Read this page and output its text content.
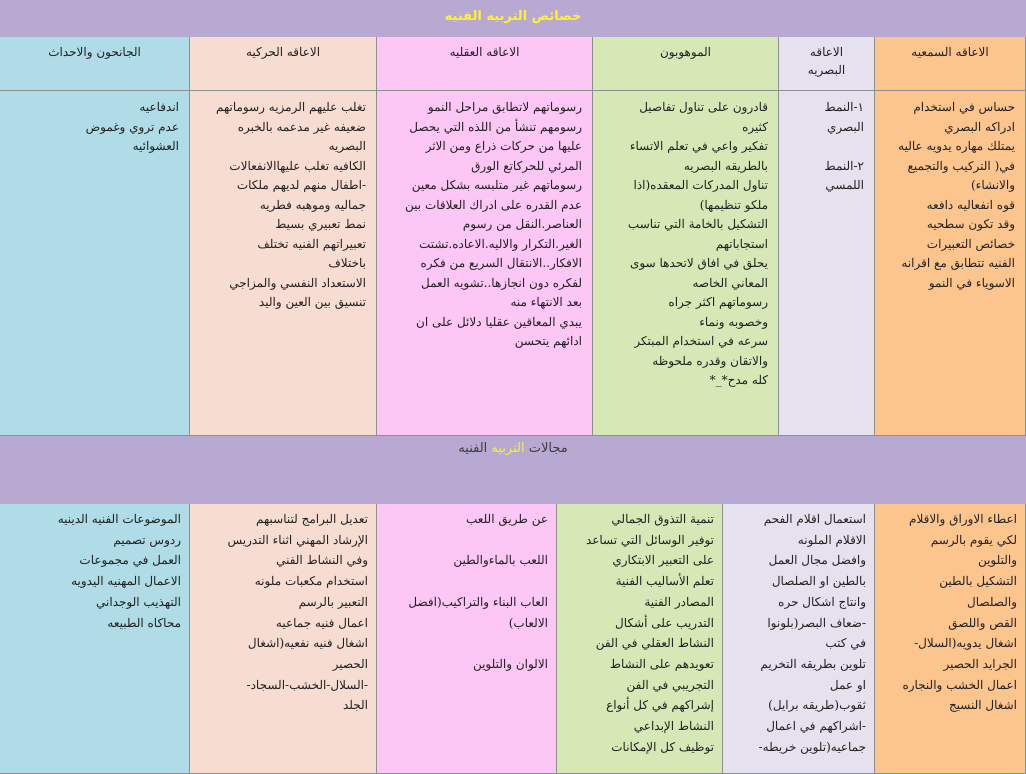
خصائص التربيه الفنيه
مجالات التربيه الفنيه
الاعاقه السمعيه
الاعاقه
البصريه
الموهوبون
الاعاقه العقليه
الاعاقه الحركيه
الجانحون والاحداث
حساس في استخدام
ادراكه البصري
يمتلك مهاره يدويه عاليه
في( التركيب والتجميع
والانشاء)
قوه انفعاليه دافعه
وقد تكون سطحيه
خصائص التعبيرات
الفنيه تتطابق مع اقرانه
الاسوياء في النمو
١-النمط
البصري

٢-النمط
اللمسي
قادرون على تناول تفاصيل
كثيره
تفكير واعي في تعلم الاتساء
بالطريقه البصريه
تناول المدركات المعقده(اذا
ملكو تنظيمها)
التشكيل بالخامة التي تناسب
استجاباتهم
يحلق في افاق لاتحدها سوى
المعاني الخاصه
رسوماتهم اكثر جراه
وخصوبه ونماء
سرعه في استخدام المبتكر
والاتقان وقدره ملحوظه
كله مدح*_*
رسوماتهم لاتطابق مراحل النمو
رسومهم تنشأ من اللذه التي يحصل
عليها من حركات ذراع ومن الاثر
المرئي للحركاتع الورق
رسوماتهم غير متلبسه بشكل معين
عدم القدره على ادراك العلاقات بين
العناصر.النقل من رسوم
الغير.التكرار والاليه.الاعاده.تشتت
الافكار..الانتقال السريع من فكره
لفكره دون انجازها..تشويه العمل
بعد الانتهاء منه
يبدي المعاقين عقليا دلائل على ان
ادائهم يتحسن
تغلب عليهم الرمزيه رسوماتهم
ضعيفه غير مدعمه بالخبره
البصريه
الكافيه تغلب عليهاالانفعالات
-اطفال منهم لديهم ملكات
جماليه وموهبه فطريه
نمط تعبيري بسيط
تعبيراتهم الفنيه تختلف
باختلاف
الاستعداد النفسي والمزاجي
تنسيق بين العين واليد
اندفاعيه
عدم تروي وغموض
العشوائيه
اعطاء الاوراق والاقلام
لكي يقوم بالرسم
والتلوين
التشكيل بالطين
والصلصال
القص واللصق
اشغال يدويه(السلال-
الجرايد الحصير
اعمال الخشب والنجاره
اشغال النسيج
استعمال اقلام الفحم
الاقلام الملونه
وافضل مجال العمل
بالطين او الصلصال
وانتاج اشكال حره
-ضعاف البصر(بلونوا
في كتب
تلوين بطريقه التخريم
او عمل
ثقوب(طريقه برايل)
-اشراكهم في اعمال
جماعيه(تلوين خريطه-
تنمية التذوق الجمالي
توفير الوسائل التي تساعد
على التعبير الابتكاري
تعلم الأساليب الفنية
المصادر الفنية
التدريب على أشكال
النشاط العقلي في الفن
تعويدهم على النشاط
التجريبي في الفن
إشراكهم في كل أنواع
النشاط الإبداعي
توظيف كل الإمكانات
عن طريق اللعب

اللعب بالماءوالطين

العاب البناء والتراكيب(افضل
الالعاب)

الالوان والتلوين
تعديل البرامج لتناسبهم
الإرشاد المهني اثناء التدريس
وفي النشاط الفني
استخدام مكعبات ملونه
التعبير بالرسم
اعمال فنيه جماعيه
اشغال فنيه نفعيه(اشغال
الحصير
-السلال-الخشب-السجاد-
الجلد
الموضوعات الفنيه الدينيه
ردوس تصميم
العمل في مجموعات
الاعمال المهنيه اليدويه
التهذيب الوجداني
محاكاه الطبيعه
